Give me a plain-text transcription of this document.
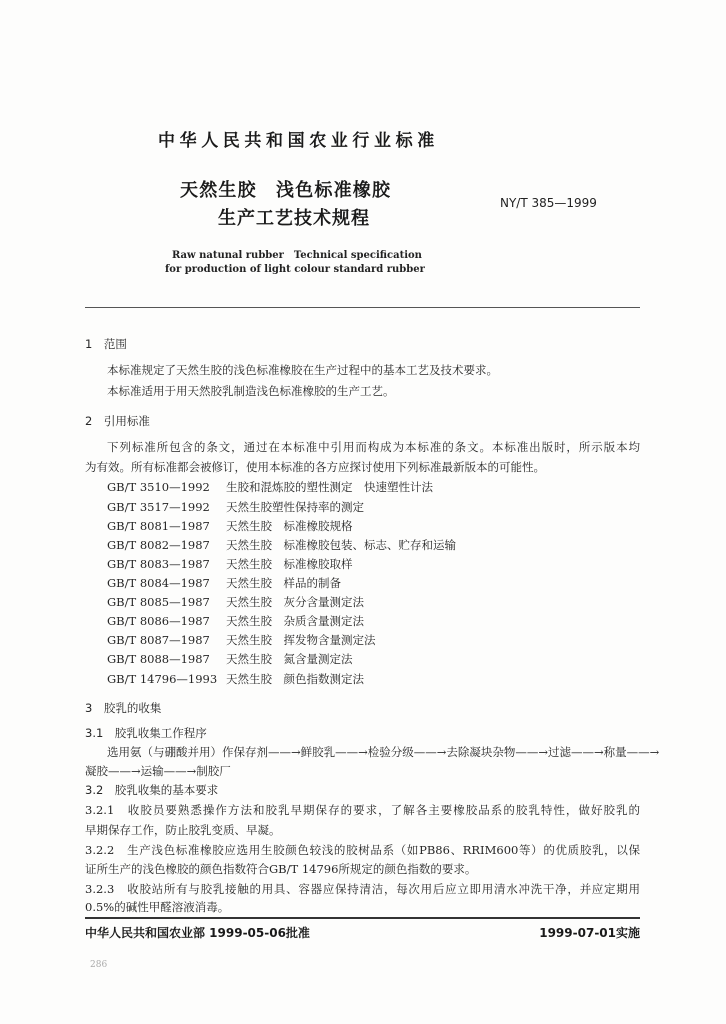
中华人民共和国农业行业标准
天然生胶　浅色标准橡胶
生产工艺技术规程
NY/T 385—1999
Raw natunal rubber　Technical specification
for production of light colour standard rubber
1　范围
本标准规定了天然生胶的浅色标准橡胶在生产过程中的基本工艺及技术要求。
本标准适用于用天然胶乳制造浅色标准橡胶的生产工艺。
2　引用标准
下列标准所包含的条文，通过在本标准中引用而构成为本标准的条文。本标准出版时，所示版本均
为有效。所有标准都会被修订，使用本标准的各方应探讨使用下列标准最新版本的可能性。
GB/T 3510—1992 生胶和混炼胶的塑性测定　快速塑性计法
GB/T 3517—1992 天然生胶塑性保持率的测定
GB/T 8081—1987 天然生胶　标准橡胶规格
GB/T 8082—1987 天然生胶　标准橡胶包装、标志、贮存和运输
GB/T 8083—1987 天然生胶　标准橡胶取样
GB/T 8084—1987 天然生胶　样品的制备
GB/T 8085—1987 天然生胶　灰分含量测定法
GB/T 8086—1987 天然生胶　杂质含量测定法
GB/T 8087—1987 天然生胶　挥发物含量测定法
GB/T 8088—1987 天然生胶　氮含量测定法
GB/T 14796—1993 天然生胶　颜色指数测定法
3　胶乳的收集
3.1　胶乳收集工作程序
选用氨（与硼酸并用）作保存剂——→鲜胶乳——→检验分级——→去除凝块杂物——→过滤——→称量——→
凝胶——→运输——→制胶厂
3.2　胶乳收集的基本要求
3.2.1　收胶员要熟悉操作方法和胶乳早期保存的要求，了解各主要橡胶品系的胶乳特性，做好胶乳的
早期保存工作，防止胶乳变质、早凝。
3.2.2　生产浅色标准橡胶应选用生胶颜色较浅的胶树品系（如PB86、RRIM600等）的优质胶乳，以保
证所生产的浅色橡胶的颜色指数符合GB/T 14796所规定的颜色指数的要求。
3.2.3　收胶站所有与胶乳接触的用具、容器应保持清洁，每次用后应立即用清水冲洗干净，并应定期用
0.5%的碱性甲醛溶液消毒。
中华人民共和国农业部 1999-05-06批准	1999-07-01实施
286
